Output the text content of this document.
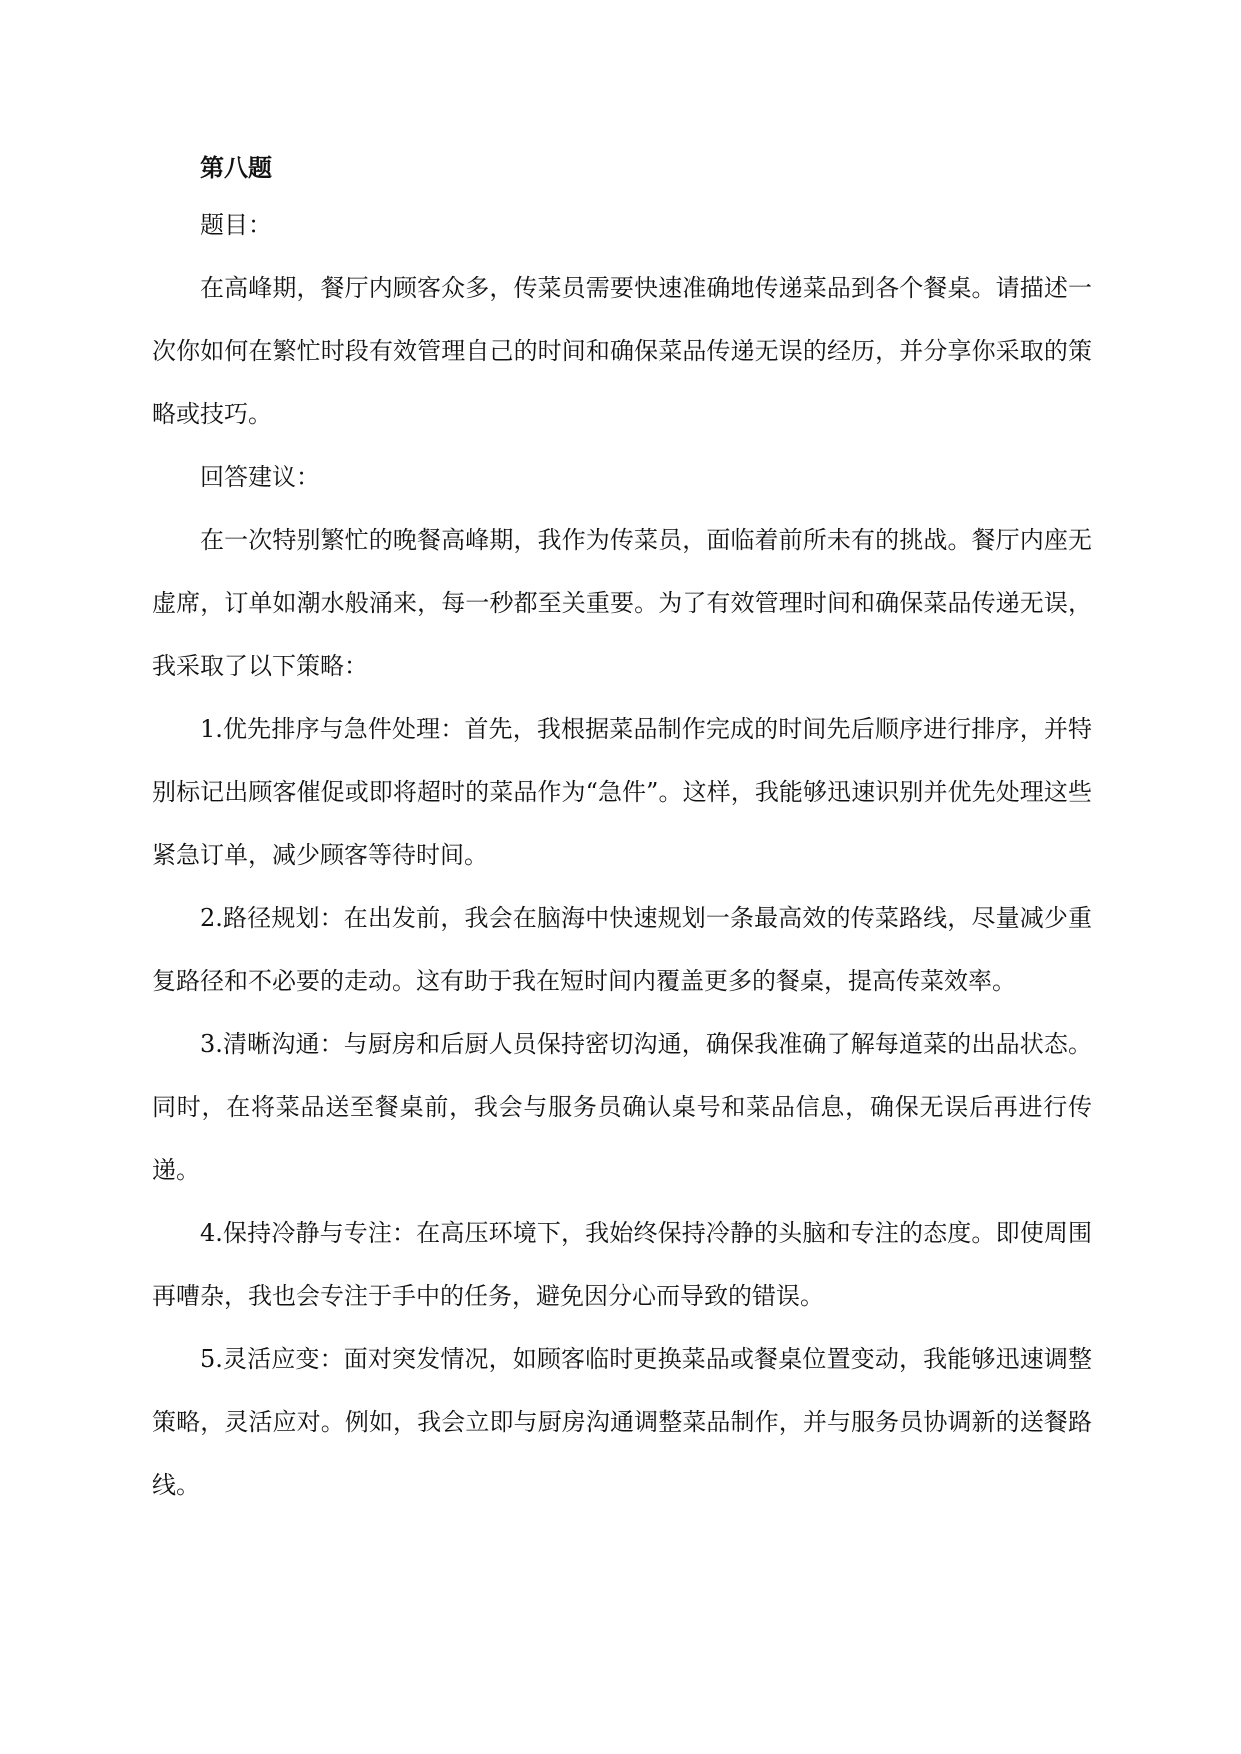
第八题

题目：

在高峰期，餐厅内顾客众多，传菜员需要快速准确地传递菜品到各个餐桌。请描述一次你如何在繁忙时段有效管理自己的时间和确保菜品传递无误的经历，并分享你采取的策略或技巧。

回答建议：

在一次特别繁忙的晚餐高峰期，我作为传菜员，面临着前所未有的挑战。餐厅内座无虚席，订单如潮水般涌来，每一秒都至关重要。为了有效管理时间和确保菜品传递无误，我采取了以下策略：

1.优先排序与急件处理：首先，我根据菜品制作完成的时间先后顺序进行排序，并特别标记出顾客催促或即将超时的菜品作为“急件”。这样，我能够迅速识别并优先处理这些紧急订单，减少顾客等待时间。

2.路径规划：在出发前，我会在脑海中快速规划一条最高效的传菜路线，尽量减少重复路径和不必要的走动。这有助于我在短时间内覆盖更多的餐桌，提高传菜效率。

3.清晰沟通：与厨房和后厨人员保持密切沟通，确保我准确了解每道菜的出品状态。同时，在将菜品送至餐桌前，我会与服务员确认桌号和菜品信息，确保无误后再进行传递。

4.保持冷静与专注：在高压环境下，我始终保持冷静的头脑和专注的态度。即使周围再嘈杂，我也会专注于手中的任务，避免因分心而导致的错误。

5.灵活应变：面对突发情况，如顾客临时更换菜品或餐桌位置变动，我能够迅速调整策略，灵活应对。例如，我会立即与厨房沟通调整菜品制作，并与服务员协调新的送餐路线。
